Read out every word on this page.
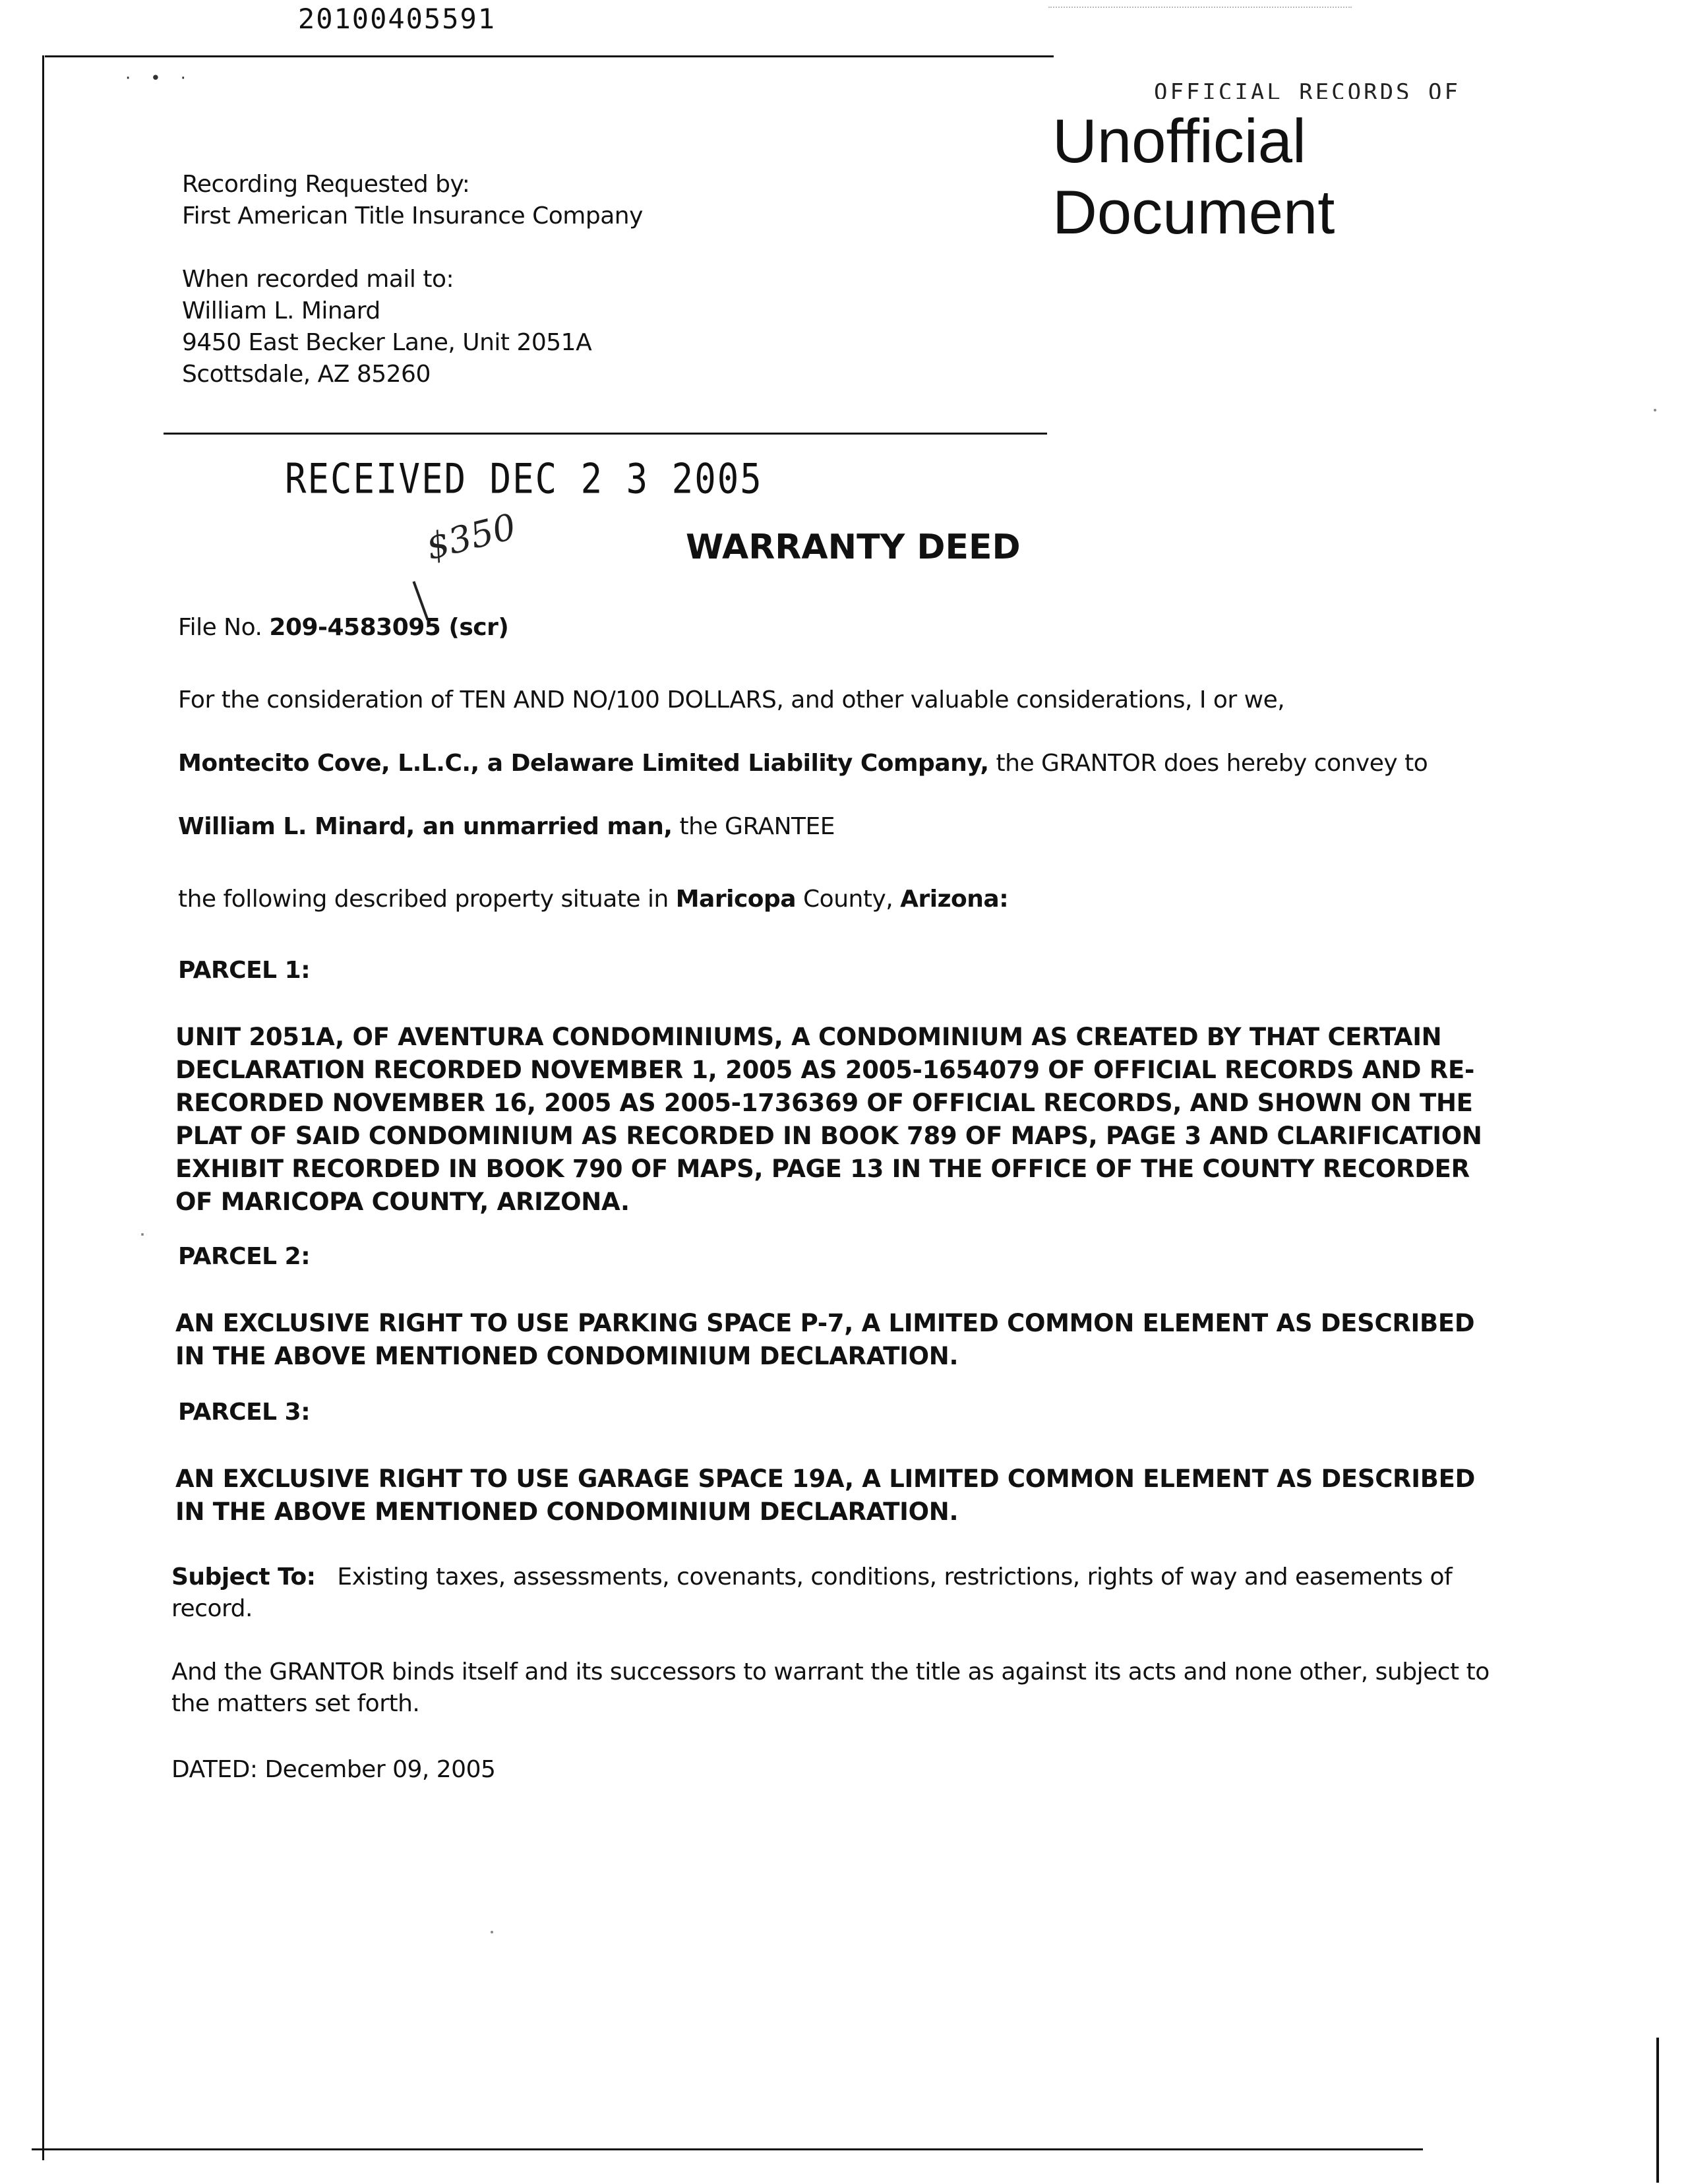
20100405591
·•·
OFFICIAL RECORDS OF
Unofficial
Document
Recording Requested by:
First American Title Insurance Company
When recorded mail to:
William L. Minard
9450 East Becker Lane, Unit 2051A
Scottsdale, AZ 85260
RECEIVED DEC 2 3 2005
$350	WARRANTY DEED
File No. 209-4583095 (scr)
For the consideration of TEN AND NO/100 DOLLARS, and other valuable considerations, I or we,
Montecito Cove, L.L.C., a Delaware Limited Liability Company, the GRANTOR does hereby convey to
William L. Minard, an unmarried man, the GRANTEE
the following described property situate in Maricopa County, Arizona:
PARCEL 1:
UNIT 2051A, OF AVENTURA CONDOMINIUMS, A CONDOMINIUM AS CREATED BY THAT CERTAIN
DECLARATION RECORDED NOVEMBER 1, 2005 AS 2005-1654079 OF OFFICIAL RECORDS AND RE-
RECORDED NOVEMBER 16, 2005 AS 2005-1736369 OF OFFICIAL RECORDS, AND SHOWN ON THE
PLAT OF SAID CONDOMINIUM AS RECORDED IN BOOK 789 OF MAPS, PAGE 3 AND CLARIFICATION
EXHIBIT RECORDED IN BOOK 790 OF MAPS, PAGE 13 IN THE OFFICE OF THE COUNTY RECORDER
OF MARICOPA COUNTY, ARIZONA.
PARCEL 2:
AN EXCLUSIVE RIGHT TO USE PARKING SPACE P-7, A LIMITED COMMON ELEMENT AS DESCRIBED
IN THE ABOVE MENTIONED CONDOMINIUM DECLARATION.
PARCEL 3:
AN EXCLUSIVE RIGHT TO USE GARAGE SPACE 19A, A LIMITED COMMON ELEMENT AS DESCRIBED
IN THE ABOVE MENTIONED CONDOMINIUM DECLARATION.
Subject To: Existing taxes, assessments, covenants, conditions, restrictions, rights of way and easements of
record.
And the GRANTOR binds itself and its successors to warrant the title as against its acts and none other, subject to
the matters set forth.
DATED: December 09, 2005
